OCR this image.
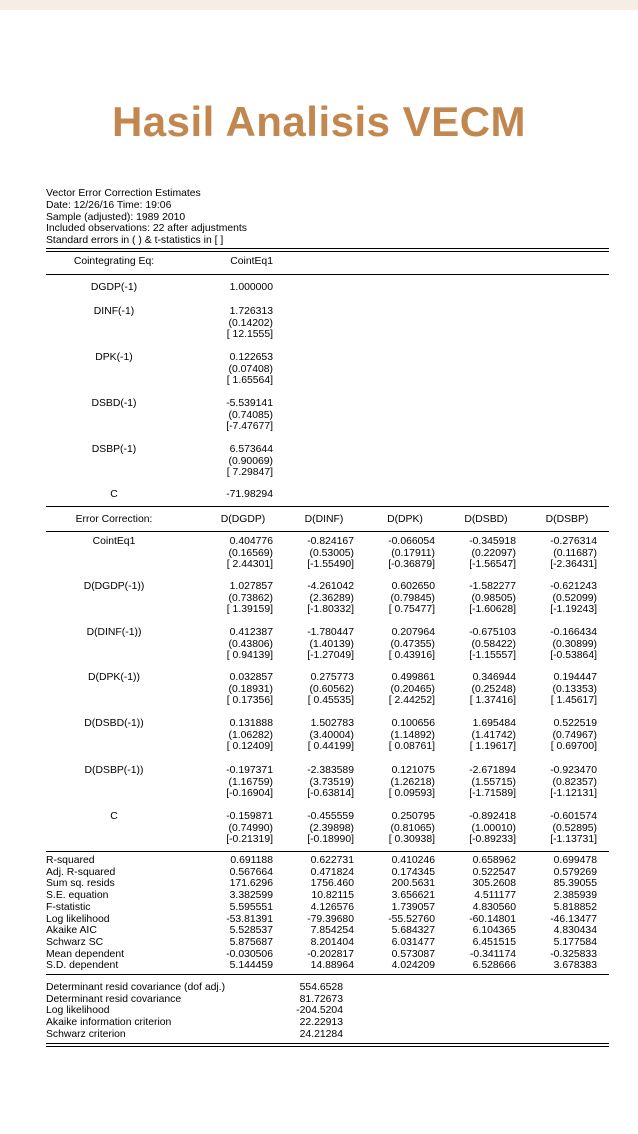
Hasil Analisis VECM
Vector Error Correction Estimates
Date: 12/26/16 Time: 19:06
Sample (adjusted): 1989 2010
Included observations: 22 after adjustments
Standard errors in ( ) & t-statistics in [ ]
Cointegrating Eq:	CointEq1
DGDP(-1)	1.000000
DINF(-1)	1.726313
(0.14202)
[ 12.1555]
DPK(-1)	0.122653
(0.07408)
[ 1.65564]
DSBD(-1)	-5.539141
(0.74085)
[-7.47677]
DSBP(-1)	6.573644
(0.90069)
[ 7.29847]
C	-71.98294
Error Correction:	D(DGDP)	D(DINF)	D(DPK)	D(DSBD)	D(DSBP)
CointEq1	0.404776	-0.824167	-0.066054	-0.345918	-0.276314
(0.16569)	(0.53005)	(0.17911)	(0.22097)	(0.11687)
[ 2.44301]	[-1.55490]	[-0.36879]	[-1.56547]	[-2.36431]
D(DGDP(-1))	1.027857	-4.261042	0.602650	-1.582277	-0.621243
(0.73862)	(2.36289)	(0.79845)	(0.98505)	(0.52099)
[ 1.39159]	[-1.80332]	[ 0.75477]	[-1.60628]	[-1.19243]
D(DINF(-1))	0.412387	-1.780447	0.207964	-0.675103	-0.166434
(0.43806)	(1.40139)	(0.47355)	(0.58422)	(0.30899)
[ 0.94139]	[-1.27049]	[ 0.43916]	[-1.15557]	[-0.53864]
D(DPK(-1))	0.032857	0.275773	0.499861	0.346944	0.194447
(0.18931)	(0.60562)	(0.20465)	(0.25248)	(0.13353)
[ 0.17356]	[ 0.45535]	[ 2.44252]	[ 1.37416]	[ 1.45617]
D(DSBD(-1))	0.131888	1.502783	0.100656	1.695484	0.522519
(1.06282)	(3.40004)	(1.14892)	(1.41742)	(0.74967)
[ 0.12409]	[ 0.44199]	[ 0.08761]	[ 1.19617]	[ 0.69700]
D(DSBP(-1))	-0.197371	-2.383589	0.121075	-2.671894	-0.923470
(1.16759)	(3.73519)	(1.26218)	(1.55715)	(0.82357)
[-0.16904]	[-0.63814]	[ 0.09593]	[-1.71589]	[-1.12131]
C	-0.159871	-0.455559	0.250795	-0.892418	-0.601574
(0.74990)	(2.39898)	(0.81065)	(1.00010)	(0.52895)
[-0.21319]	[-0.18990]	[ 0.30938]	[-0.89233]	[-1.13731]
R-squared	0.691188	0.622731	0.410246	0.658962	0.699478
Adj. R-squared	0.567664	0.471824	0.174345	0.522547	0.579269
Sum sq. resids	171.6296	1756.460	200.5631	305.2608	85.39055
S.E. equation	3.382599	10.82115	3.656621	4.511177	2.385939
F-statistic	5.595551	4.126576	1.739057	4.830560	5.818852
Log likelihood	-53.81391	-79.39680	-55.52760	-60.14801	-46.13477
Akaike AIC	5.528537	7.854254	5.684327	6.104365	4.830434
Schwarz SC	5.875687	8.201404	6.031477	6.451515	5.177584
Mean dependent	-0.030506	-0.202817	0.573087	-0.341174	-0.325833
S.D. dependent	5.144459	14.88964	4.024209	6.528666	3.678383
Determinant resid covariance (dof adj.)	554.6528
Determinant resid covariance	81.72673
Log likelihood	-204.5204
Akaike information criterion	22.22913
Schwarz criterion	24.21284
